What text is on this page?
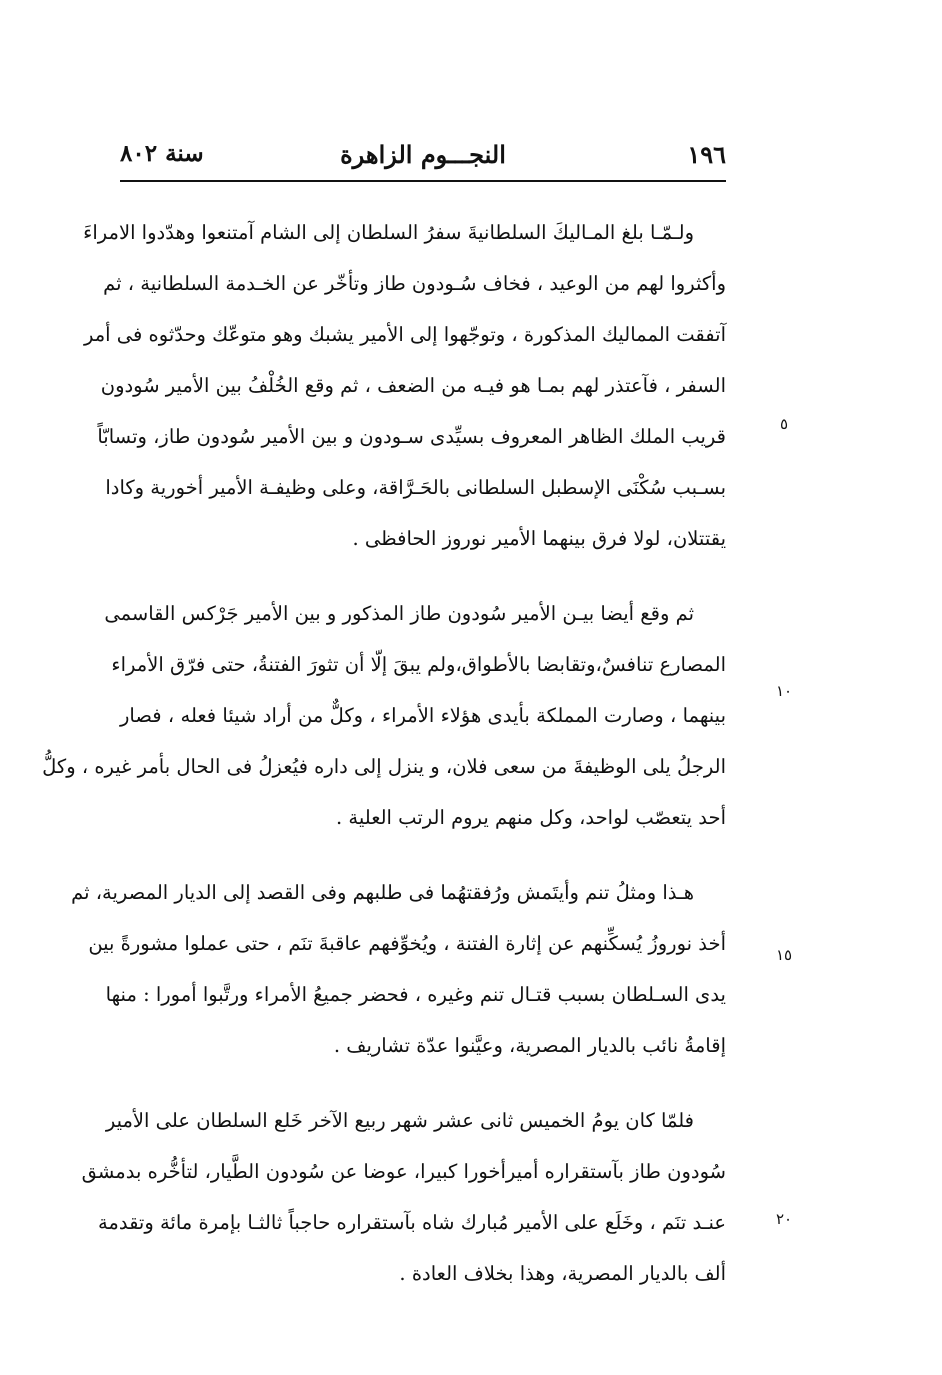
١٩٦
النجـــوم الزاهرة
سنة ٨٠٢
ولـمّـا بلغ المـاليكَ السلطانيةَ سفرُ السلطان إلى الشام آمتنعوا وهدّدوا الامراءَ
وأكثروا لهم من الوعيد ، فخاف سُـودون طاز وتأخّر عن الخـدمة السلطانية ، ثم
آتفقت المماليك المذكورة ، وتوجّهوا إلى الأمير يشبك وهو متوعّك وحدّثوه فى أمر
السفر ، فآعتذر لهم بمـا هو فيـه من الضعف ، ثم وقع الخُلْفُ بين الأمير سُودون
قريب الملك الظاهر المعروف بسيِّدى سـودون و بين الأمير سُودون طاز، وتسابّاً
بسـبب سُكْنَى الإسطبل السلطانى بالحَـرَّاقة، وعلى وظيفـة الأمير أخورية وكادا
يقتتلان، لولا فرق بينهما الأمير نوروز الحافظى .
ثم وقع أيضا بيـن الأمير سُودون طاز المذكور و بين الأمير جَرْكس القاسمى
المصارع تنافسٌ،وتقابضا بالأطواق،ولم يبقَ إلّا أن تثورَ الفتنةُ، حتى فرّق الأمراء
بينهما ، وصارت المملكة بأيدى هؤلاء الأمراء ، وكلٌّ من أراد شيئا فعله ، فصار
الرجلُ يلى الوظيفةَ من سعى فلان، و ينزل إلى داره فيُعزلُ فى الحال بأمر غيره ، وكلُّ
أحد يتعصّب لواحد، وكل منهم يروم الرتب العلية .
هـذا ومثلُ تنم وأيتَمش ورُفقتهُما فى طلبهم وفى القصد إلى الديار المصرية، ثم
أخذ نوروزُ يُسكِّنهم عن إثارة الفتنة ، ويُخوِّفهم عاقبةَ تنَم ، حتى عملوا مشورةً بين
يدى السـلطان بسبب قتـال تنم وغيره ، فحضر جميعُ الأمراء ورتَّبوا أمورا : منها
إقامةُ نائب بالديار المصرية، وعيَّنوا عدّة تشاريف .
فلمّا كان يومُ الخميس ثانى عشر شهر ربيع الآخر خَلع السلطان على الأمير
سُودون طاز بآستقراره أميرأخورا كبيرا، عوضا عن سُودون الطَّيار، لتأخُّره بدمشق
عنـد تنَم ، وخَلَع على الأمير مُبارك شاه بآستقراره حاجباً ثالثـا بإمرة مائة وتقدمة
ألف بالديار المصرية، وهذا بخلاف العادة .
٥
١٠
١٥
٢٠
